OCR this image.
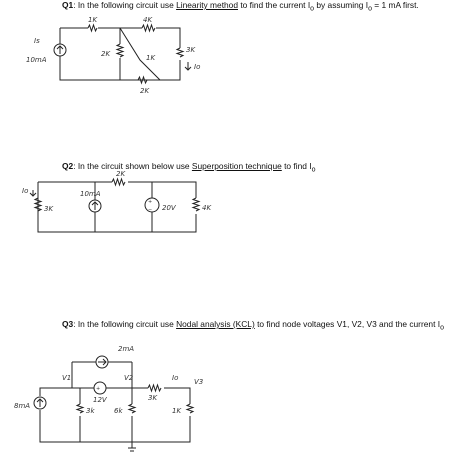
Q1: In the following circuit use Linearity method to find the current $I_o$ by assuming $I_o = 1$ mA first.
1K	4K
2K	1K
3K
2K
Is
10mA
Io
Q2: In the circuit shown below use Superposition technique to find $I_o$
+
−
2K
3K	4K
10mA
20V
Io
Q3: In the following circuit use Nodal analysis (KCL) to find node voltages V1, V2, V3 and the current $I_o$
+
2mA
V1	V2	V3
Io
3K
12V
3k	6k	1K
8mA
